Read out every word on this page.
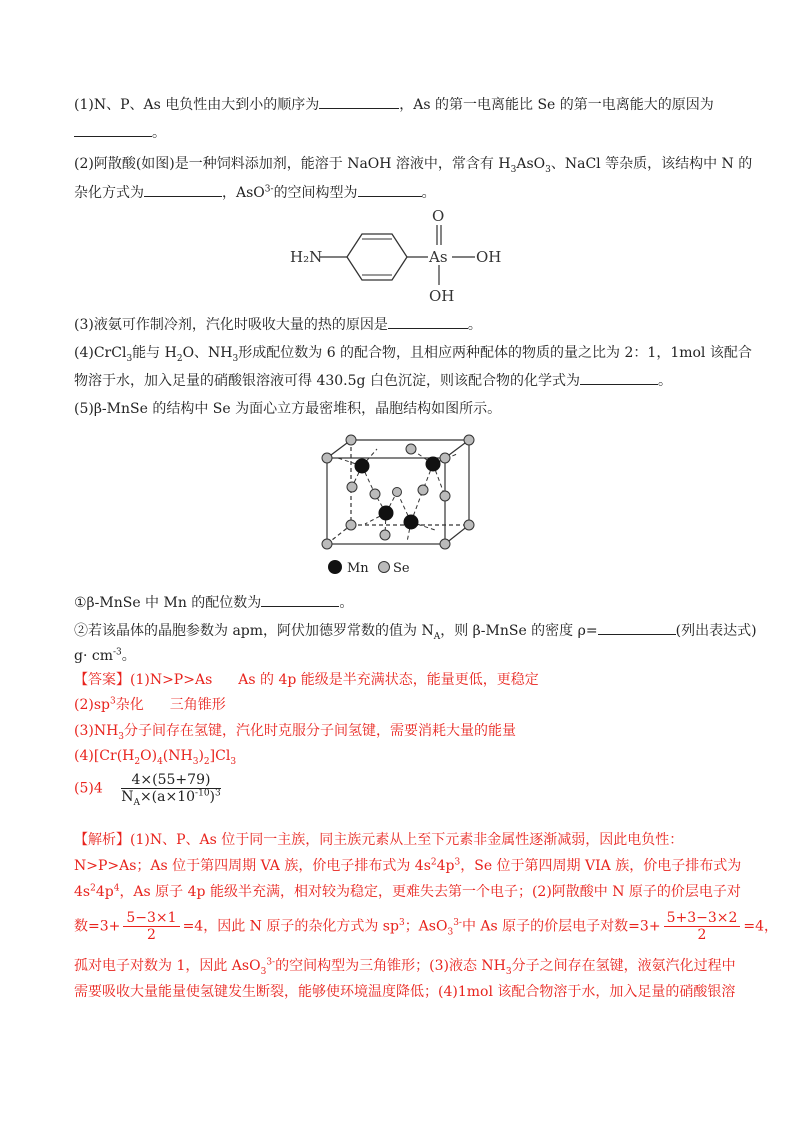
(1)N、P、As 电负性由大到小的顺序为	，As 的第一电离能比 Se 的第一电离能大的原因为
。
(2)阿散酸(如图)是一种饲料添加剂，能溶于 NaOH 溶液中，常含有 $H_3AsO_3$、NaCl 等杂质，该结构中 N 的
杂化方式为	，AsO$^{3-}$的空间构型为	。
H₂N	As OH
O
OH
(3)液氨可作制冷剂，汽化时吸收大量的热的原因是	。
(4)CrCl$_3$能与 $H_2O$、$NH_3$形成配位数为 6 的配合物，且相应两种配体的物质的量之比为 2：1，1mol 该配合
物溶于水，加入足量的硝酸银溶液可得 430.5g 白色沉淀，则该配合物的化学式为	。
(5)β-MnSe 的结构中 Se 为面心立方最密堆积，晶胞结构如图所示。
Mn Se
①β-MnSe 中 Mn 的配位数为	。
②若该晶体的晶胞参数为 apm，阿伏加德罗常数的值为 $N_A$，则 β-MnSe 的密度 ρ=	(列出表达式)
$g\cdot cm^{-3}$。
【答案】(1)N>P>As As 的 4p 能级是半充满状态，能量更低，更稳定
$(2)sp^3$杂化 三角锥形
$(3)NH_3$分子间存在氢键，汽化时克服分子间氢键，需要消耗大量的能量
$(4)[Cr(H_2O)_4(NH_3)_2]Cl_3$
$(5)4 \frac{4\times(55+79)}{N_A\times(a\times 10^{-10})^3}$
【解析】(1)N、P、As 位于同一主族，同主族元素从上至下元素非金属性逐渐减弱，因此电负性：
N>P>As；As 位于第四周期 VA 族，价电子排布式为 $4s^24p^3$，Se 位于第四周期 VIA 族，价电子排布式为
$4s^24p^4$，As 原子 4p 能级半充满，相对较为稳定，更难失去第一个电子；(2)阿散酸中 N 原子的价层电子对
数$=3+ \frac{5-3\times 1}{2} =4$，因此 N 原子的杂化方式为 $sp^3$；AsO$_3^{3-}$中 As 原子的价层电子对数$=3+ \frac{5+3-3\times 2}{2} =4$，
孤对电子对数为 1，因此 AsO$_3^{3-}$的空间构型为三角锥形；(3)液态 $NH_3$分子之间存在氢键，液氨汽化过程中
需要吸收大量能量使氢键发生断裂，能够使环境温度降低；(4)1mol 该配合物溶于水，加入足量的硝酸银溶
